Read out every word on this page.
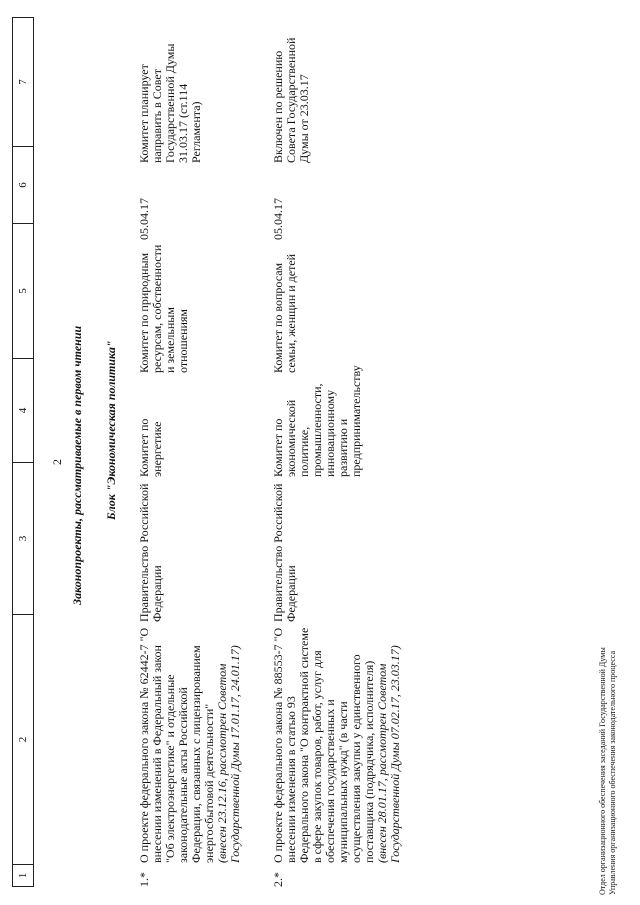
2
1
2
3
4
5
6
7
Законопроекты, рассматриваемые в первом чтении Блок "Экономическая политика"
1.*
О проекте федерального закона № 62442-7 "О внесении изменений в Федеральный закон "Об электроэнергетике" и отдельные законодательные акты Российской Федерации, связанных с лицензированием энергосбытовой деятельности"
(внесен 23.12.16, рассмотрен Советом Государственной Думы 17.01.17, 24.01.17)
Правительство Российской Федерации
Комитет по энергетике
Комитет по природным ресурсам, собственности и земельным отношениям
05.04.17
Комитет планирует направить в Совет Государственной Думы 31.03.17 (ст.114 Регламента)
2.*
О проекте федерального закона № 88553-7 "О внесении изменения в статью 93 Федерального закона "О контрактной системе в сфере закупок товаров, работ, услуг для обеспечения государственных и муниципальных нужд" (в части осуществления закупки у единственного поставщика (подрядчика, исполнителя)
(внесен 28.01.17, рассмотрен Советом Государственной Думы 07.02.17, 23.03.17)
Правительство Российской Федерации
Комитет по экономической политике, промышленности, инновационному развитию и предпринимательству
Комитет по вопросам семьи, женщин и детей
05.04.17
Включен по решению Совета Государственной Думы от 23.03.17
Отдел организационного обеспечения заседаний Государственной Думы Управления организационного обеспечения законодательного процесса
